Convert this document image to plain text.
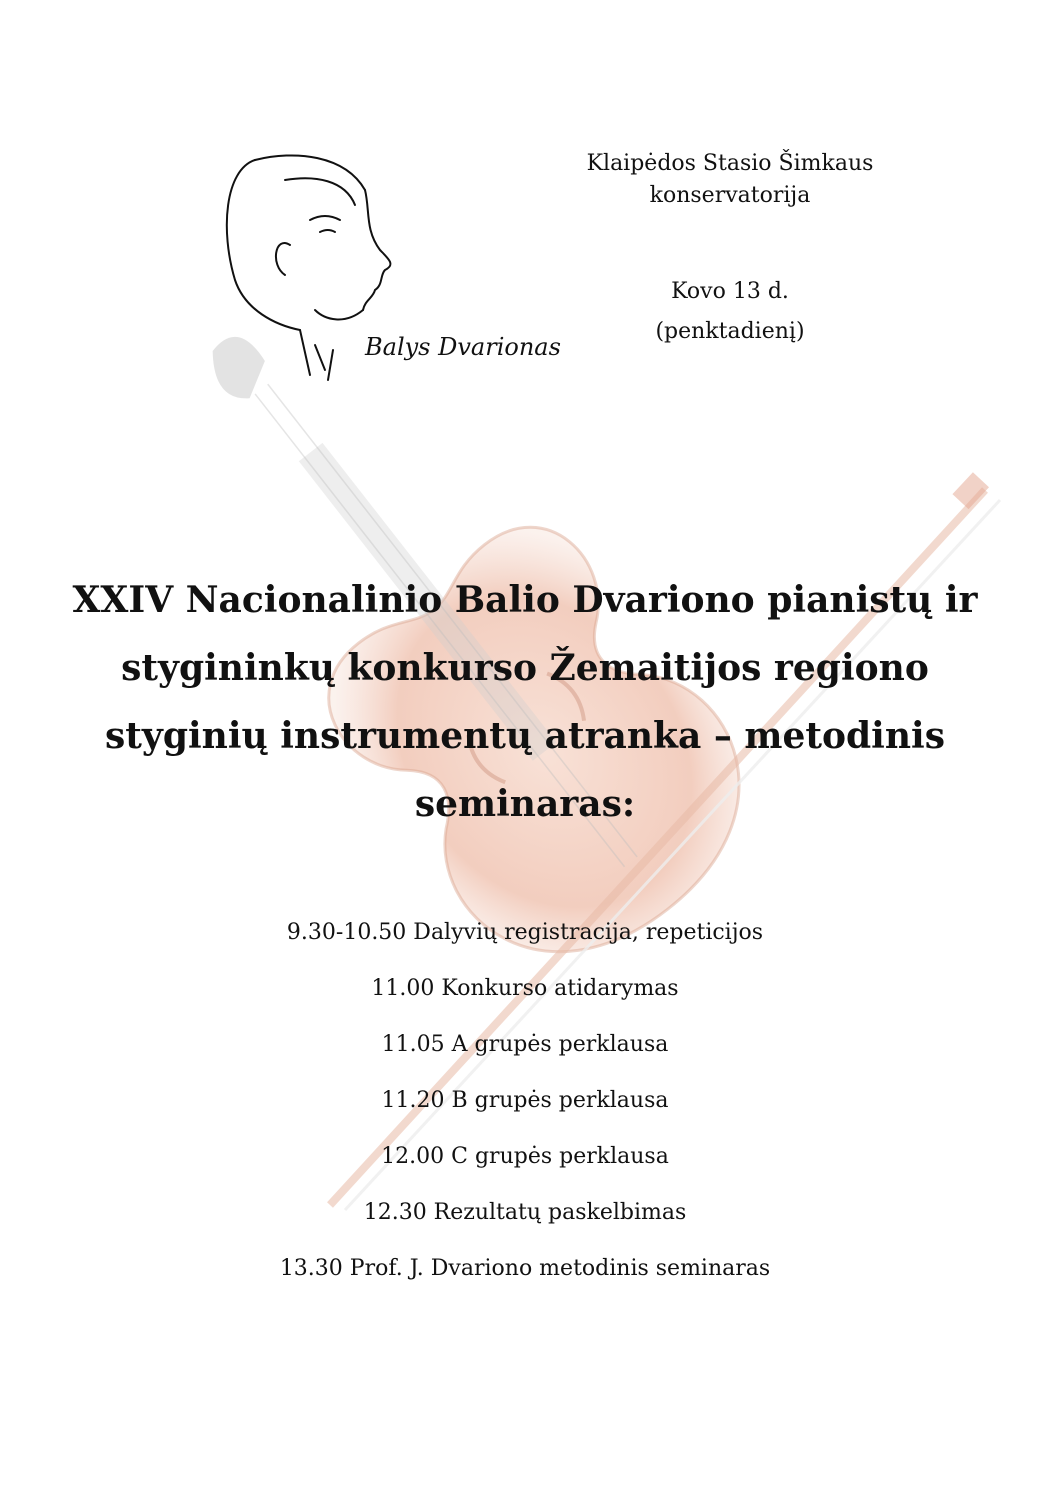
Balys Dvarionas
Klaipėdos Stasio Šimkaus
konservatorija
Kovo 13 d.
(penktadienį)
XXIV Nacionalinio Balio Dvariono pianistų ir stygininkų konkurso Žemaitijos regiono styginių instrumentų atranka – metodinis seminaras:
9.30-10.50 Dalyvių registracija, repeticijos
11.00 Konkurso atidarymas
11.05 A grupės perklausa
11.20 B grupės perklausa
12.00 C grupės perklausa
12.30 Rezultatų paskelbimas
13.30 Prof. J. Dvariono metodinis seminaras
